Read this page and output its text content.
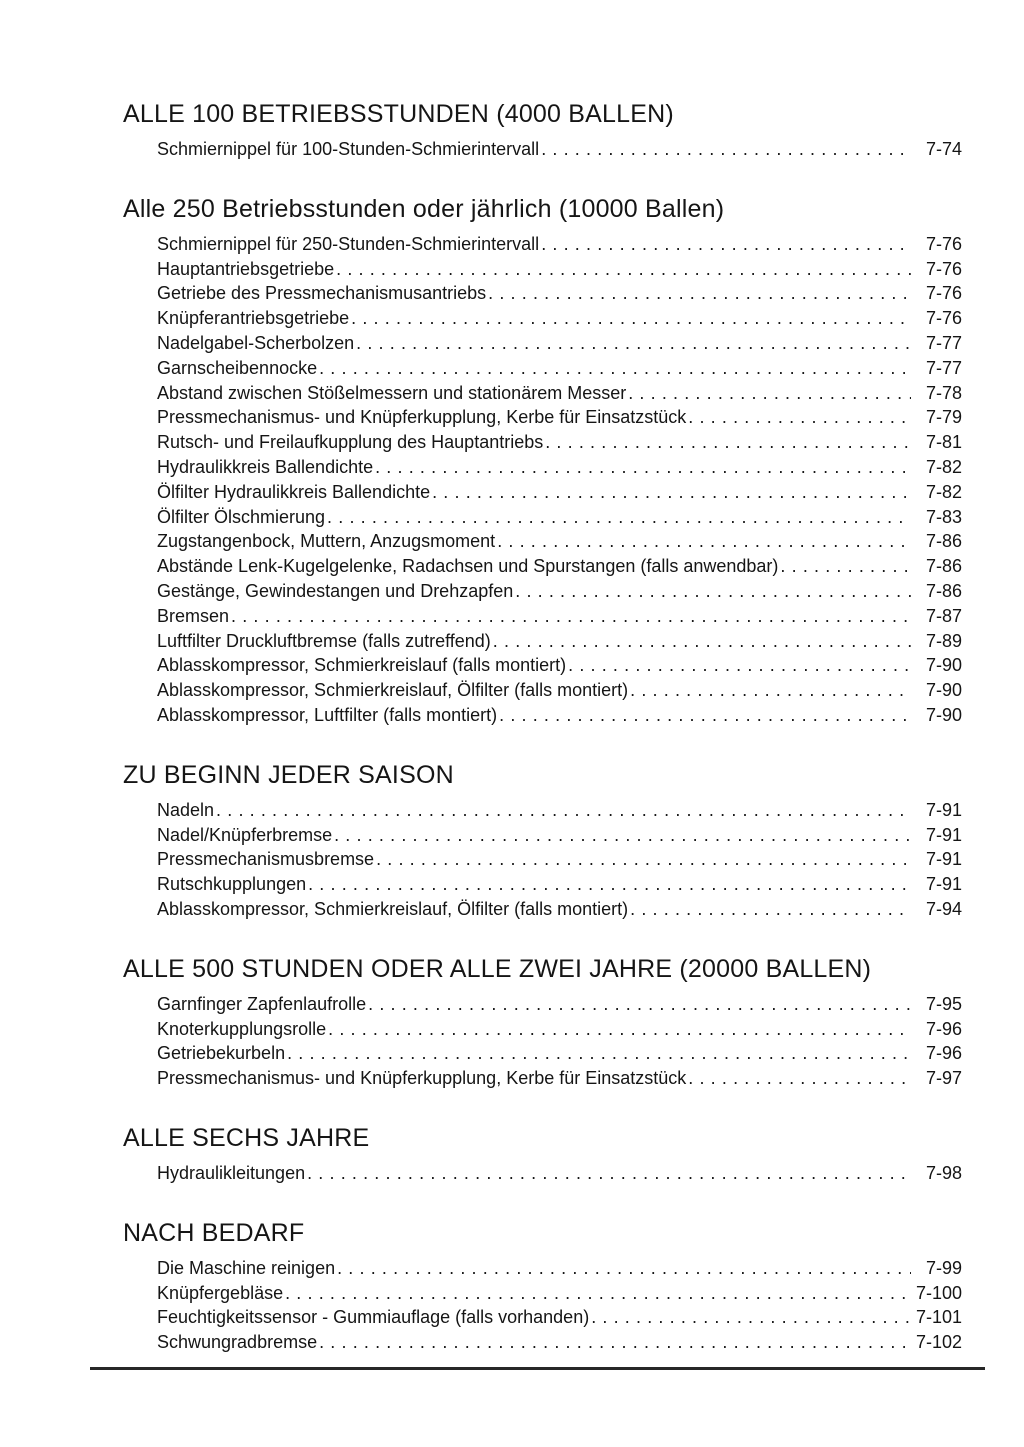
ALLE 100 BETRIEBSSTUNDEN (4000 BALLEN)
Schmiernippel für 100-Stunden-Schmierintervall . . .	7-74
Alle 250 Betriebsstunden oder jährlich (10000 Ballen)
Schmiernippel für 250-Stunden-Schmierintervall . . .	7-76
Hauptantriebsgetriebe . . .	7-76
Getriebe des Pressmechanismusantriebs . . .	7-76
Knüpferantriebsgetriebe . . .	7-76
Nadelgabel-Scherbolzen . . .	7-77
Garnscheibennocke . . .	7-77
Abstand zwischen Stößelmessern und stationärem Messer . . .	7-78
Pressmechanismus- und Knüpferkupplung, Kerbe für Einsatzstück . . .	7-79
Rutsch- und Freilaufkupplung des Hauptantriebs . . .	7-81
Hydraulikkreis Ballendichte . . .	7-82
Ölfilter Hydraulikkreis Ballendichte . . .	7-82
Ölfilter Ölschmierung . . .	7-83
Zugstangenbock, Muttern, Anzugsmoment . . .	7-86
Abstände Lenk-Kugelgelenke, Radachsen und Spurstangen (falls anwendbar) . . .	7-86
Gestänge, Gewindestangen und Drehzapfen . . .	7-86
Bremsen . . .	7-87
Luftfilter Druckluftbremse (falls zutreffend) . . .	7-89
Ablasskompressor, Schmierkreislauf (falls montiert) . . .	7-90
Ablasskompressor, Schmierkreislauf, Ölfilter (falls montiert) . . .	7-90
Ablasskompressor, Luftfilter (falls montiert) . . .	7-90
ZU BEGINN JEDER SAISON
Nadeln . . .	7-91
Nadel/Knüpferbremse . . .	7-91
Pressmechanismusbremse . . .	7-91
Rutschkupplungen . . .	7-91
Ablasskompressor, Schmierkreislauf, Ölfilter (falls montiert) . . .	7-94
ALLE 500 STUNDEN ODER ALLE ZWEI JAHRE (20000 BALLEN)
Garnfinger Zapfenlaufrolle . . .	7-95
Knoterkupplungsrolle . . .	7-96
Getriebekurbeln . . .	7-96
Pressmechanismus- und Knüpferkupplung, Kerbe für Einsatzstück . . .	7-97
ALLE SECHS JAHRE
Hydraulikleitungen . . .	7-98
NACH BEDARF
Die Maschine reinigen . . .	7-99
Knüpfergebläse . . .	7-100
Feuchtigkeitssensor - Gummiauflage (falls vorhanden) . . .	7-101
Schwungradbremse . . .	7-102
